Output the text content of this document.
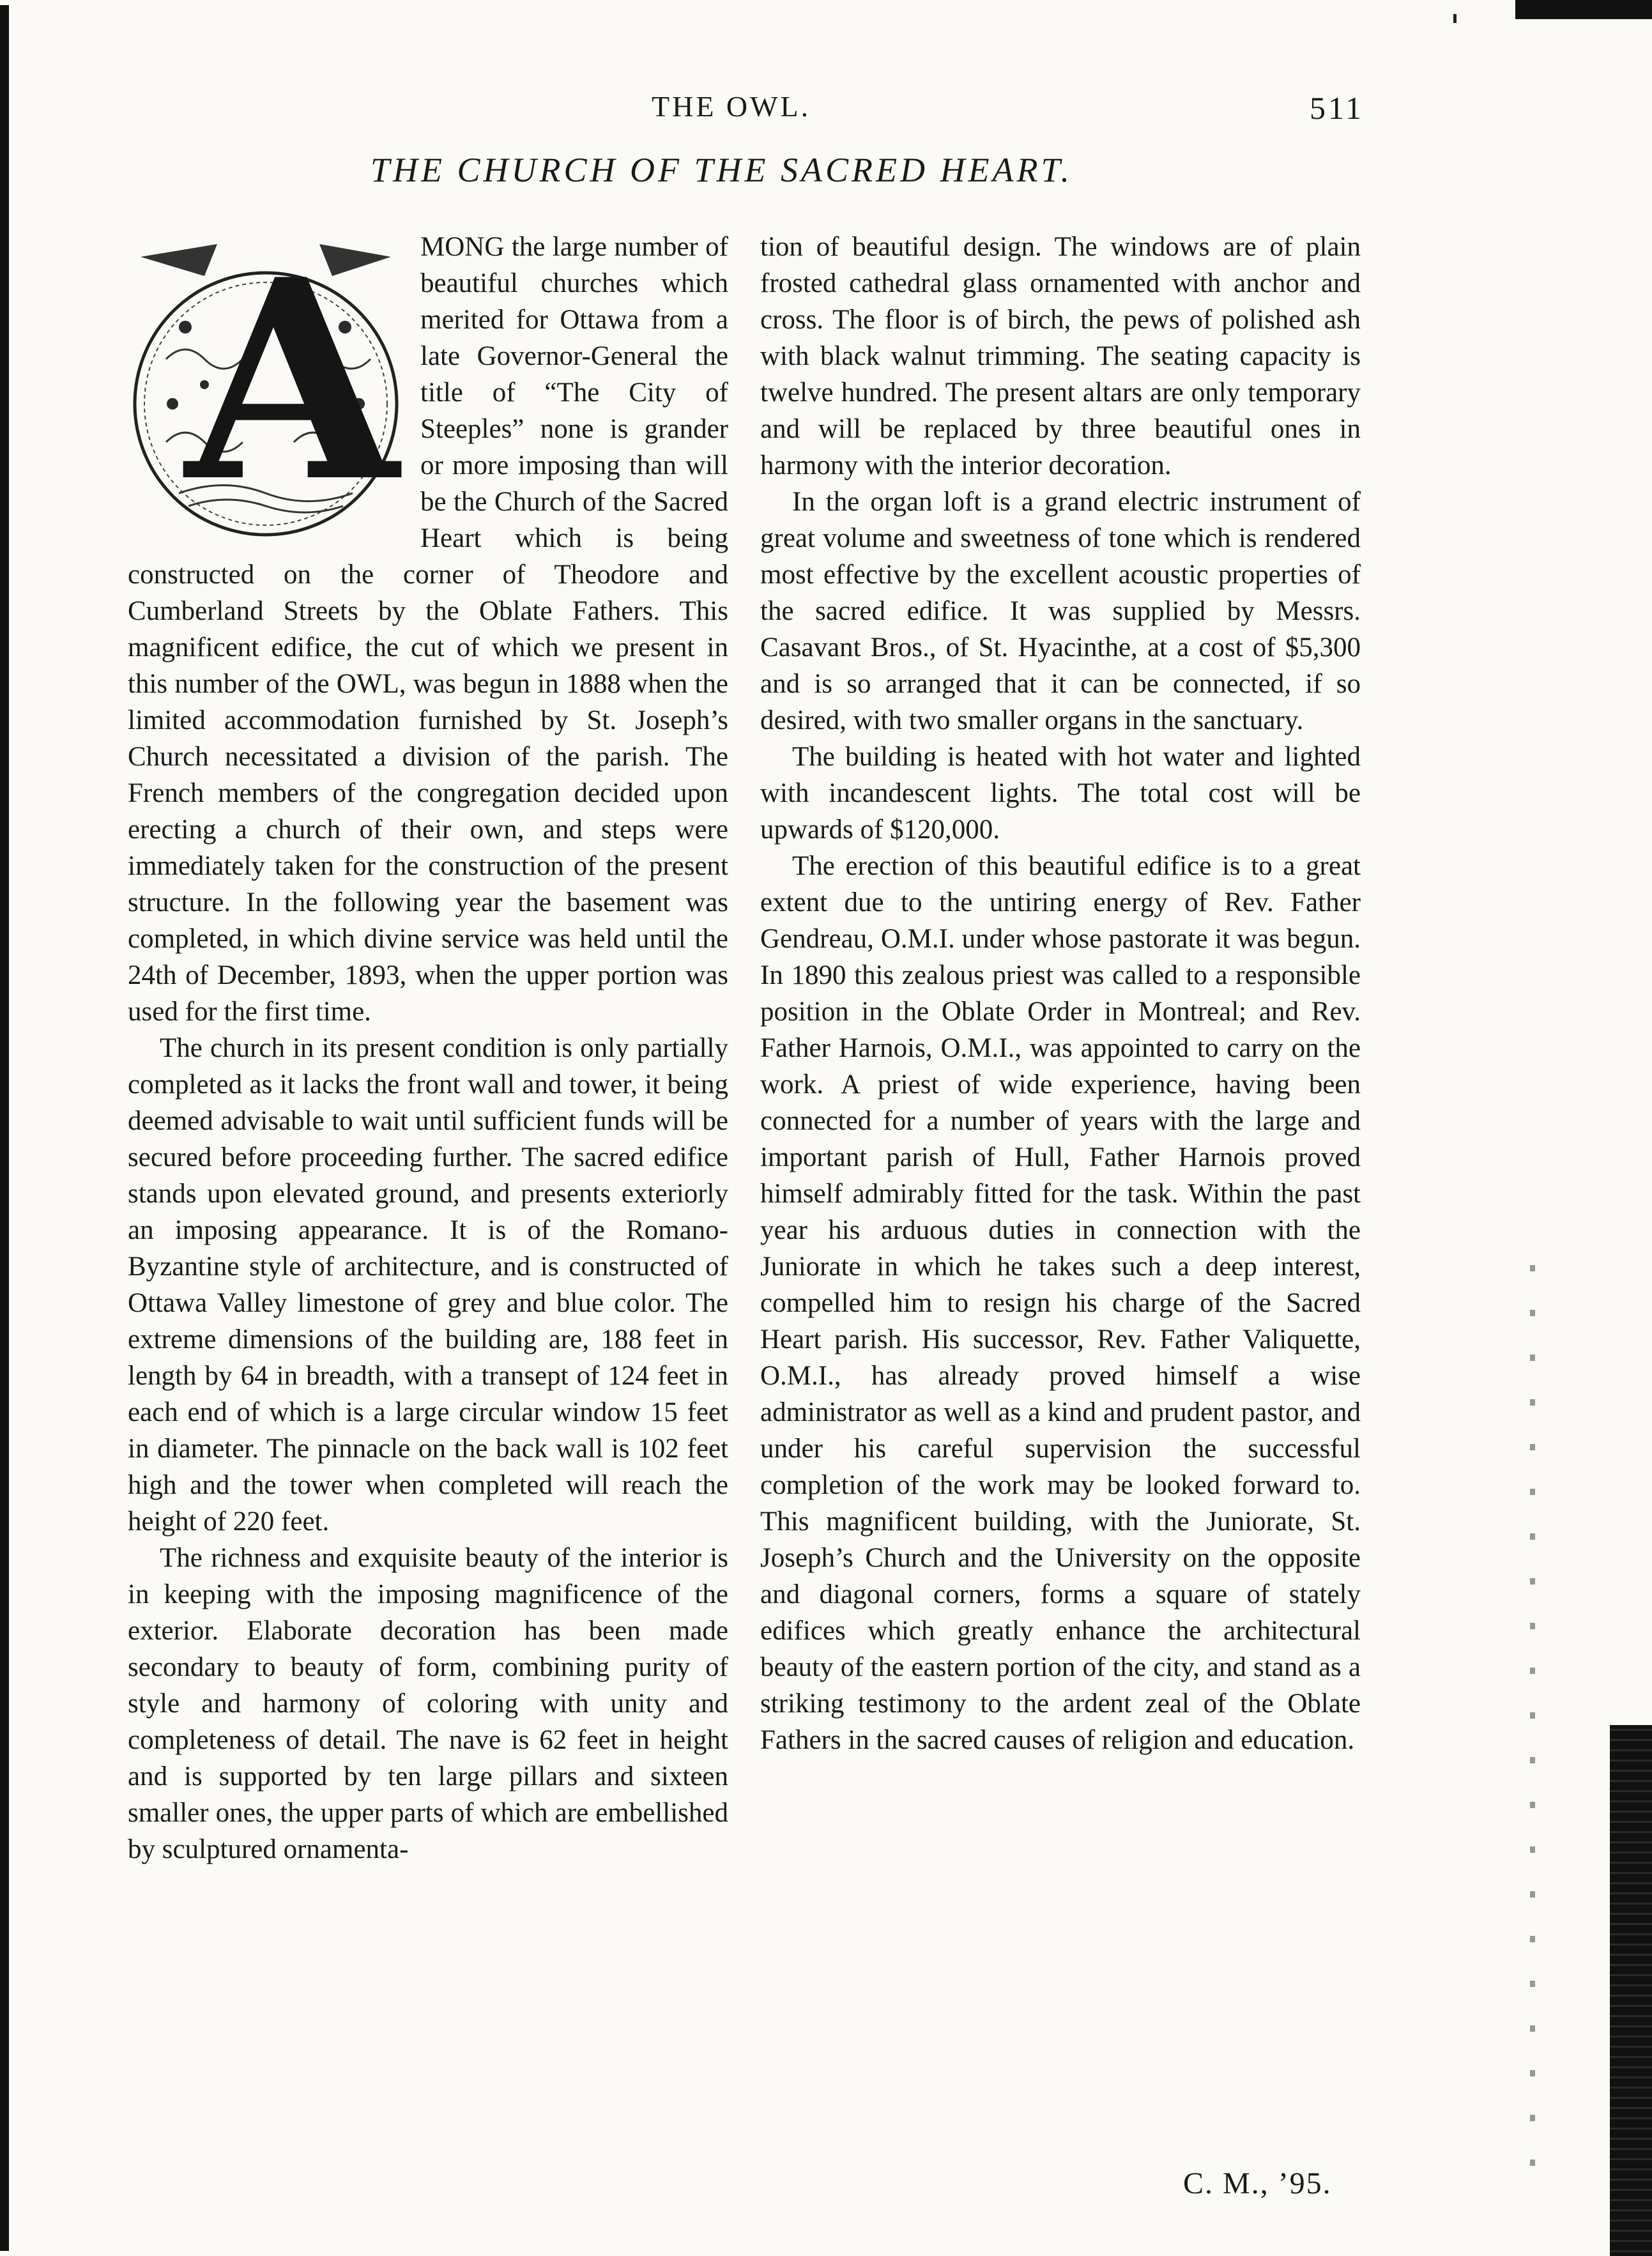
THE OWL.	511
THE CHURCH OF THE SACRED HEART.
A MONG the large number of beautiful churches which merited for Ottawa from a late Governor-General the title of “The City of Steeples” none is grander or more imposing than will be the Church of the Sacred Heart which is being constructed on the corner of Theodore and Cumberland Streets by the Oblate Fathers. This magnificent edifice, the cut of which we present in this number of the OWL, was begun in 1888 when the limited accommodation furnished by St. Joseph’s Church necessitated a division of the parish. The French members of the congregation decided upon erecting a church of their own, and steps were immediately taken for the construction of the present structure. In the following year the basement was completed, in which divine service was held until the 24th of December, 1893, when the upper portion was used for the first time.

The church in its present condition is only partially completed as it lacks the front wall and tower, it being deemed advisable to wait until sufficient funds will be secured before proceeding further. The sacred edifice stands upon elevated ground, and presents exteriorly an imposing appearance. It is of the Romano-Byzantine style of architecture, and is constructed of Ottawa Valley limestone of grey and blue color. The extreme dimensions of the building are, 188 feet in length by 64 in breadth, with a transept of 124 feet in each end of which is a large circular window 15 feet in diameter. The pinnacle on the back wall is 102 feet high and the tower when completed will reach the height of 220 feet.

The richness and exquisite beauty of the interior is in keeping with the imposing magnificence of the exterior. Elaborate decoration has been made secondary to beauty of form, combining purity of style and harmony of coloring with unity and completeness of detail. The nave is 62 feet in height and is supported by ten large pillars and sixteen smaller ones, the upper parts of which are embellished by sculptured ornamenta-

tion of beautiful design. The windows are of plain frosted cathedral glass ornamented with anchor and cross. The floor is of birch, the pews of polished ash with black walnut trimming. The seating capacity is twelve hundred. The present altars are only temporary and will be replaced by three beautiful ones in harmony with the interior decoration.

In the organ loft is a grand electric instrument of great volume and sweetness of tone which is rendered most effective by the excellent acoustic properties of the sacred edifice. It was supplied by Messrs. Casavant Bros., of St. Hyacinthe, at a cost of $5,300 and is so arranged that it can be connected, if so desired, with two smaller organs in the sanctuary.

The building is heated with hot water and lighted with incandescent lights. The total cost will be upwards of $120,000.

The erection of this beautiful edifice is to a great extent due to the untiring energy of Rev. Father Gendreau, O.M.I. under whose pastorate it was begun. In 1890 this zealous priest was called to a responsible position in the Oblate Order in Montreal; and Rev. Father Harnois, O.M.I., was appointed to carry on the work. A priest of wide experience, having been connected for a number of years with the large and important parish of Hull, Father Harnois proved himself admirably fitted for the task. Within the past year his arduous duties in connection with the Juniorate in which he takes such a deep interest, compelled him to resign his charge of the Sacred Heart parish. His successor, Rev. Father Valiquette, O.M.I., has already proved himself a wise administrator as well as a kind and prudent pastor, and under his careful supervision the successful completion of the work may be looked forward to. This magnificent building, with the Juniorate, St. Joseph’s Church and the University on the opposite and diagonal corners, forms a square of stately edifices which greatly enhance the architectural beauty of the eastern portion of the city, and stand as a striking testimony to the ardent zeal of the Oblate Fathers in the sacred causes of religion and education.

C. M., ’95.
